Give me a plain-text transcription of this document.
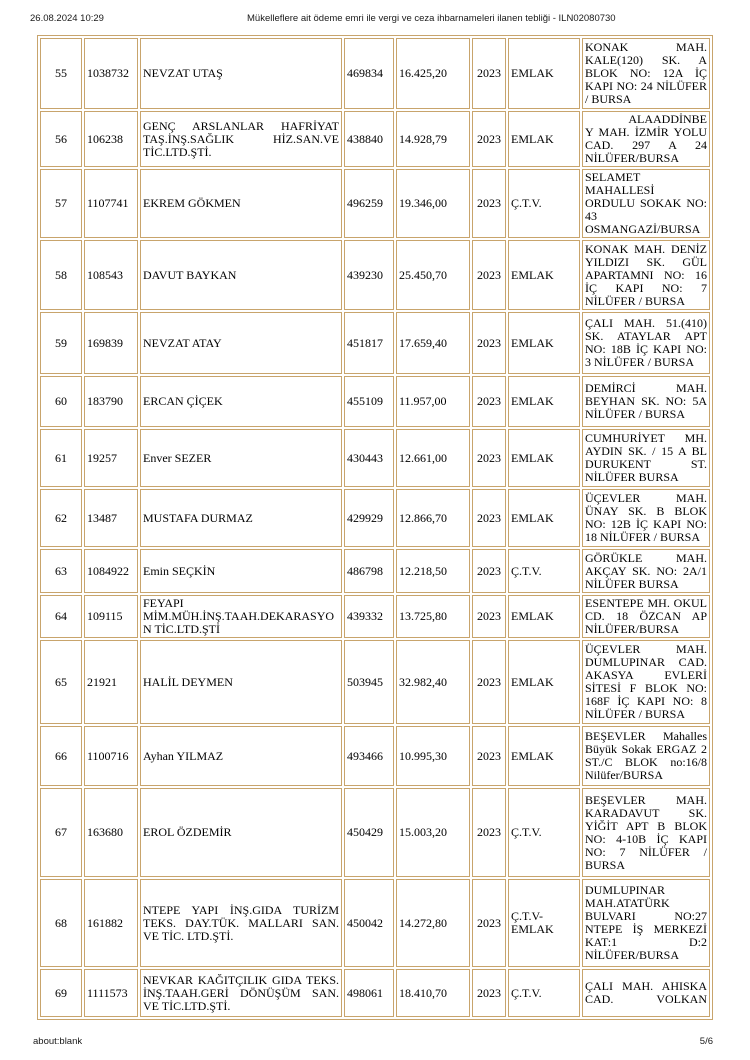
26.08.2024 10:29	Mükelleflere ait ödeme emri ile vergi ve ceza ihbarnameleri ilanen tebliği - ILN02080730
55	1038732	NEVZAT UTAŞ	469834	16.425,20	2023	EMLAK	KONAK MAH. KALE(120) SK. A BLOK NO: 12A İÇ KAPI NO: 24 NİLÜFER / BURSA
56	106238	GENÇ ARSLANLAR HAFRİYAT TAŞ.İNŞ.SAĞLIK HİZ.SAN.VE TİC.LTD.ŞTİ.	438840	14.928,79	2023	EMLAK	ALAADDİNBEY MAH. İZMİR YOLU CAD. 297 A 24 NİLÜFER/BURSA
57	1107741	EKREM GÖKMEN	496259	19.346,00	2023	Ç.T.V.	SELAMET MAHALLESİ ORDULU SOKAK NO: 43 OSMANGAZİ/BURSA
58	108543	DAVUT BAYKAN	439230	25.450,70	2023	EMLAK	KONAK MAH. DENİZ YILDIZI SK. GÜL APARTAMNI NO: 16 İÇ KAPI NO: 7 NİLÜFER / BURSA
59	169839	NEVZAT ATAY	451817	17.659,40	2023	EMLAK	ÇALI MAH. 51.(410) SK. ATAYLAR APT NO: 18B İÇ KAPI NO: 3 NİLÜFER / BURSA
60	183790	ERCAN ÇİÇEK	455109	11.957,00	2023	EMLAK	DEMİRCİ MAH. BEYHAN SK. NO: 5A NİLÜFER / BURSA
61	19257	Enver SEZER	430443	12.661,00	2023	EMLAK	CUMHURİYET MH. AYDIN SK. / 15 A BL DURUKENT ST. NİLÜFER BURSA
62	13487	MUSTAFA DURMAZ	429929	12.866,70	2023	EMLAK	ÜÇEVLER MAH. ÜNAY SK. B BLOK NO: 12B İÇ KAPI NO: 18 NİLÜFER / BURSA
63	1084922	Emin SEÇKİN	486798	12.218,50	2023	Ç.T.V.	GÖRÜKLE MAH. AKÇAY SK. NO: 2A/1 NİLÜFER BURSA
64	109115	FEYAPI MİM.MÜH.İNŞ.TAAH.DEKARASYON TİC.LTD.ŞTİ	439332	13.725,80	2023	EMLAK	ESENTEPE MH. OKUL CD. 18 ÖZCAN AP NİLÜFER/BURSA
65	21921	HALİL DEYMEN	503945	32.982,40	2023	EMLAK	ÜÇEVLER MAH. DUMLUPINAR CAD. AKASYA EVLERİ SİTESİ F BLOK NO: 168F İÇ KAPI NO: 8 NİLÜFER / BURSA
66	1100716	Ayhan YILMAZ	493466	10.995,30	2023	EMLAK	BEŞEVLER Mahalles Büyük Sokak ERGAZ 2 ST./C BLOK no:16/8 Nilüfer/BURSA
67	163680	EROL ÖZDEMİR	450429	15.003,20	2023	Ç.T.V.	BEŞEVLER MAH. KARADAVUT SK. YİĞİT APT B BLOK NO: 4-10B İÇ KAPI NO: 7 NİLÜFER / BURSA
68	161882	NTEPE YAPI İNŞ.GIDA TURİZM TEKS. DAY.TÜK. MALLARI SAN. VE TİC. LTD.ŞTİ.	450042	14.272,80	2023	Ç.T.V- EMLAK	DUMLUPINAR MAH.ATATÜRK BULVARI NO:27 NTEPE İŞ MERKEZİ KAT:1 D:2 NİLÜFER/BURSA
69	1111573	NEVKAR KAĞITÇILIK GIDA TEKS. İNŞ.TAAH.GERİ DÖNÜŞÜM SAN. VE TİC.LTD.ŞTİ.	498061	18.410,70	2023	Ç.T.V.	ÇALI MAH. AHISKA CAD. VOLKAN
about:blank	5/6
